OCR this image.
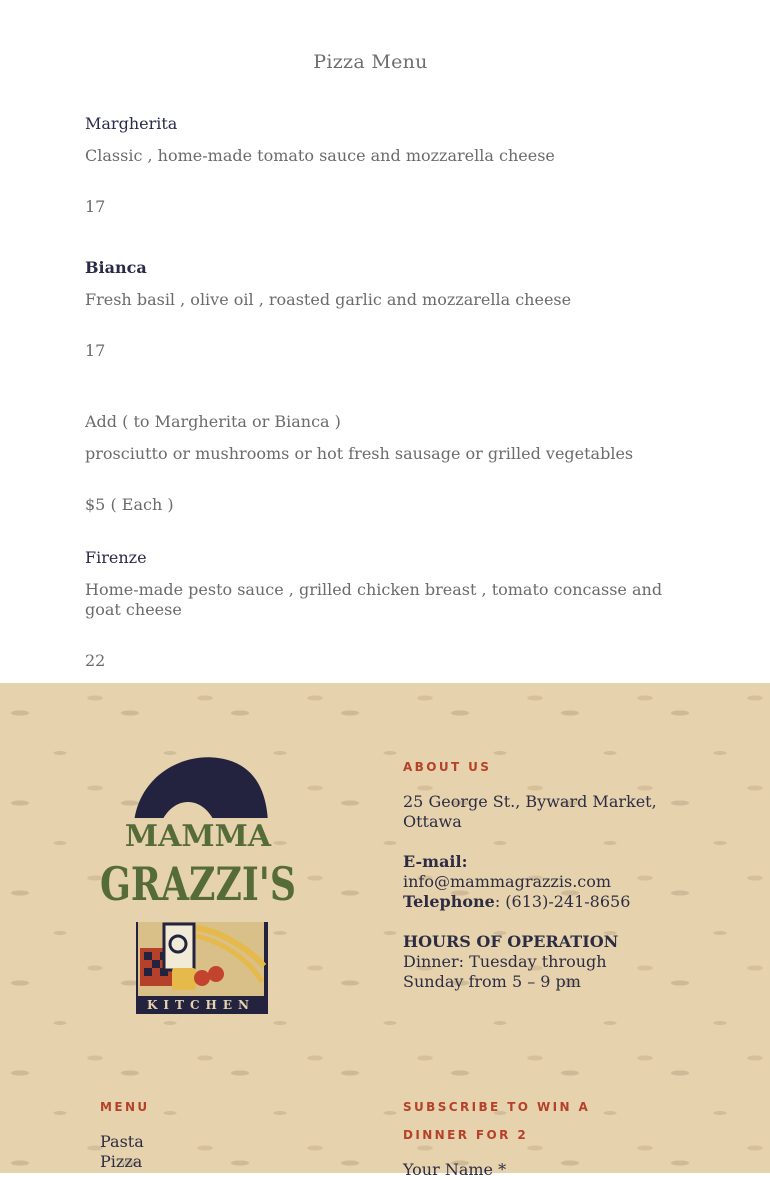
Pizza Menu
Margherita
Classic , home-made tomato sauce and mozzarella cheese
17
Bianca
Fresh basil , olive oil , roasted garlic and mozzarella cheese
17
Add ( to Margherita or Bianca )
prosciutto or mushrooms or hot fresh sausage or grilled vegetables
$5 ( Each )
Firenze
Home-made pesto sauce , grilled chicken breast , tomato concasse and goat cheese
22
MAMMA
GRAZZI'S
KITCHEN
ABOUT US
25 George St., Byward Market, Ottawa
E-mail:
info@mammagrazzis.com
Telephone: (613)-241-8656
HOURS OF OPERATION
Dinner: Tuesday through Sunday from 5 – 9 pm
MENU
Pasta
Pizza
SUBSCRIBE TO WIN A DINNER FOR 2
Your Name *
